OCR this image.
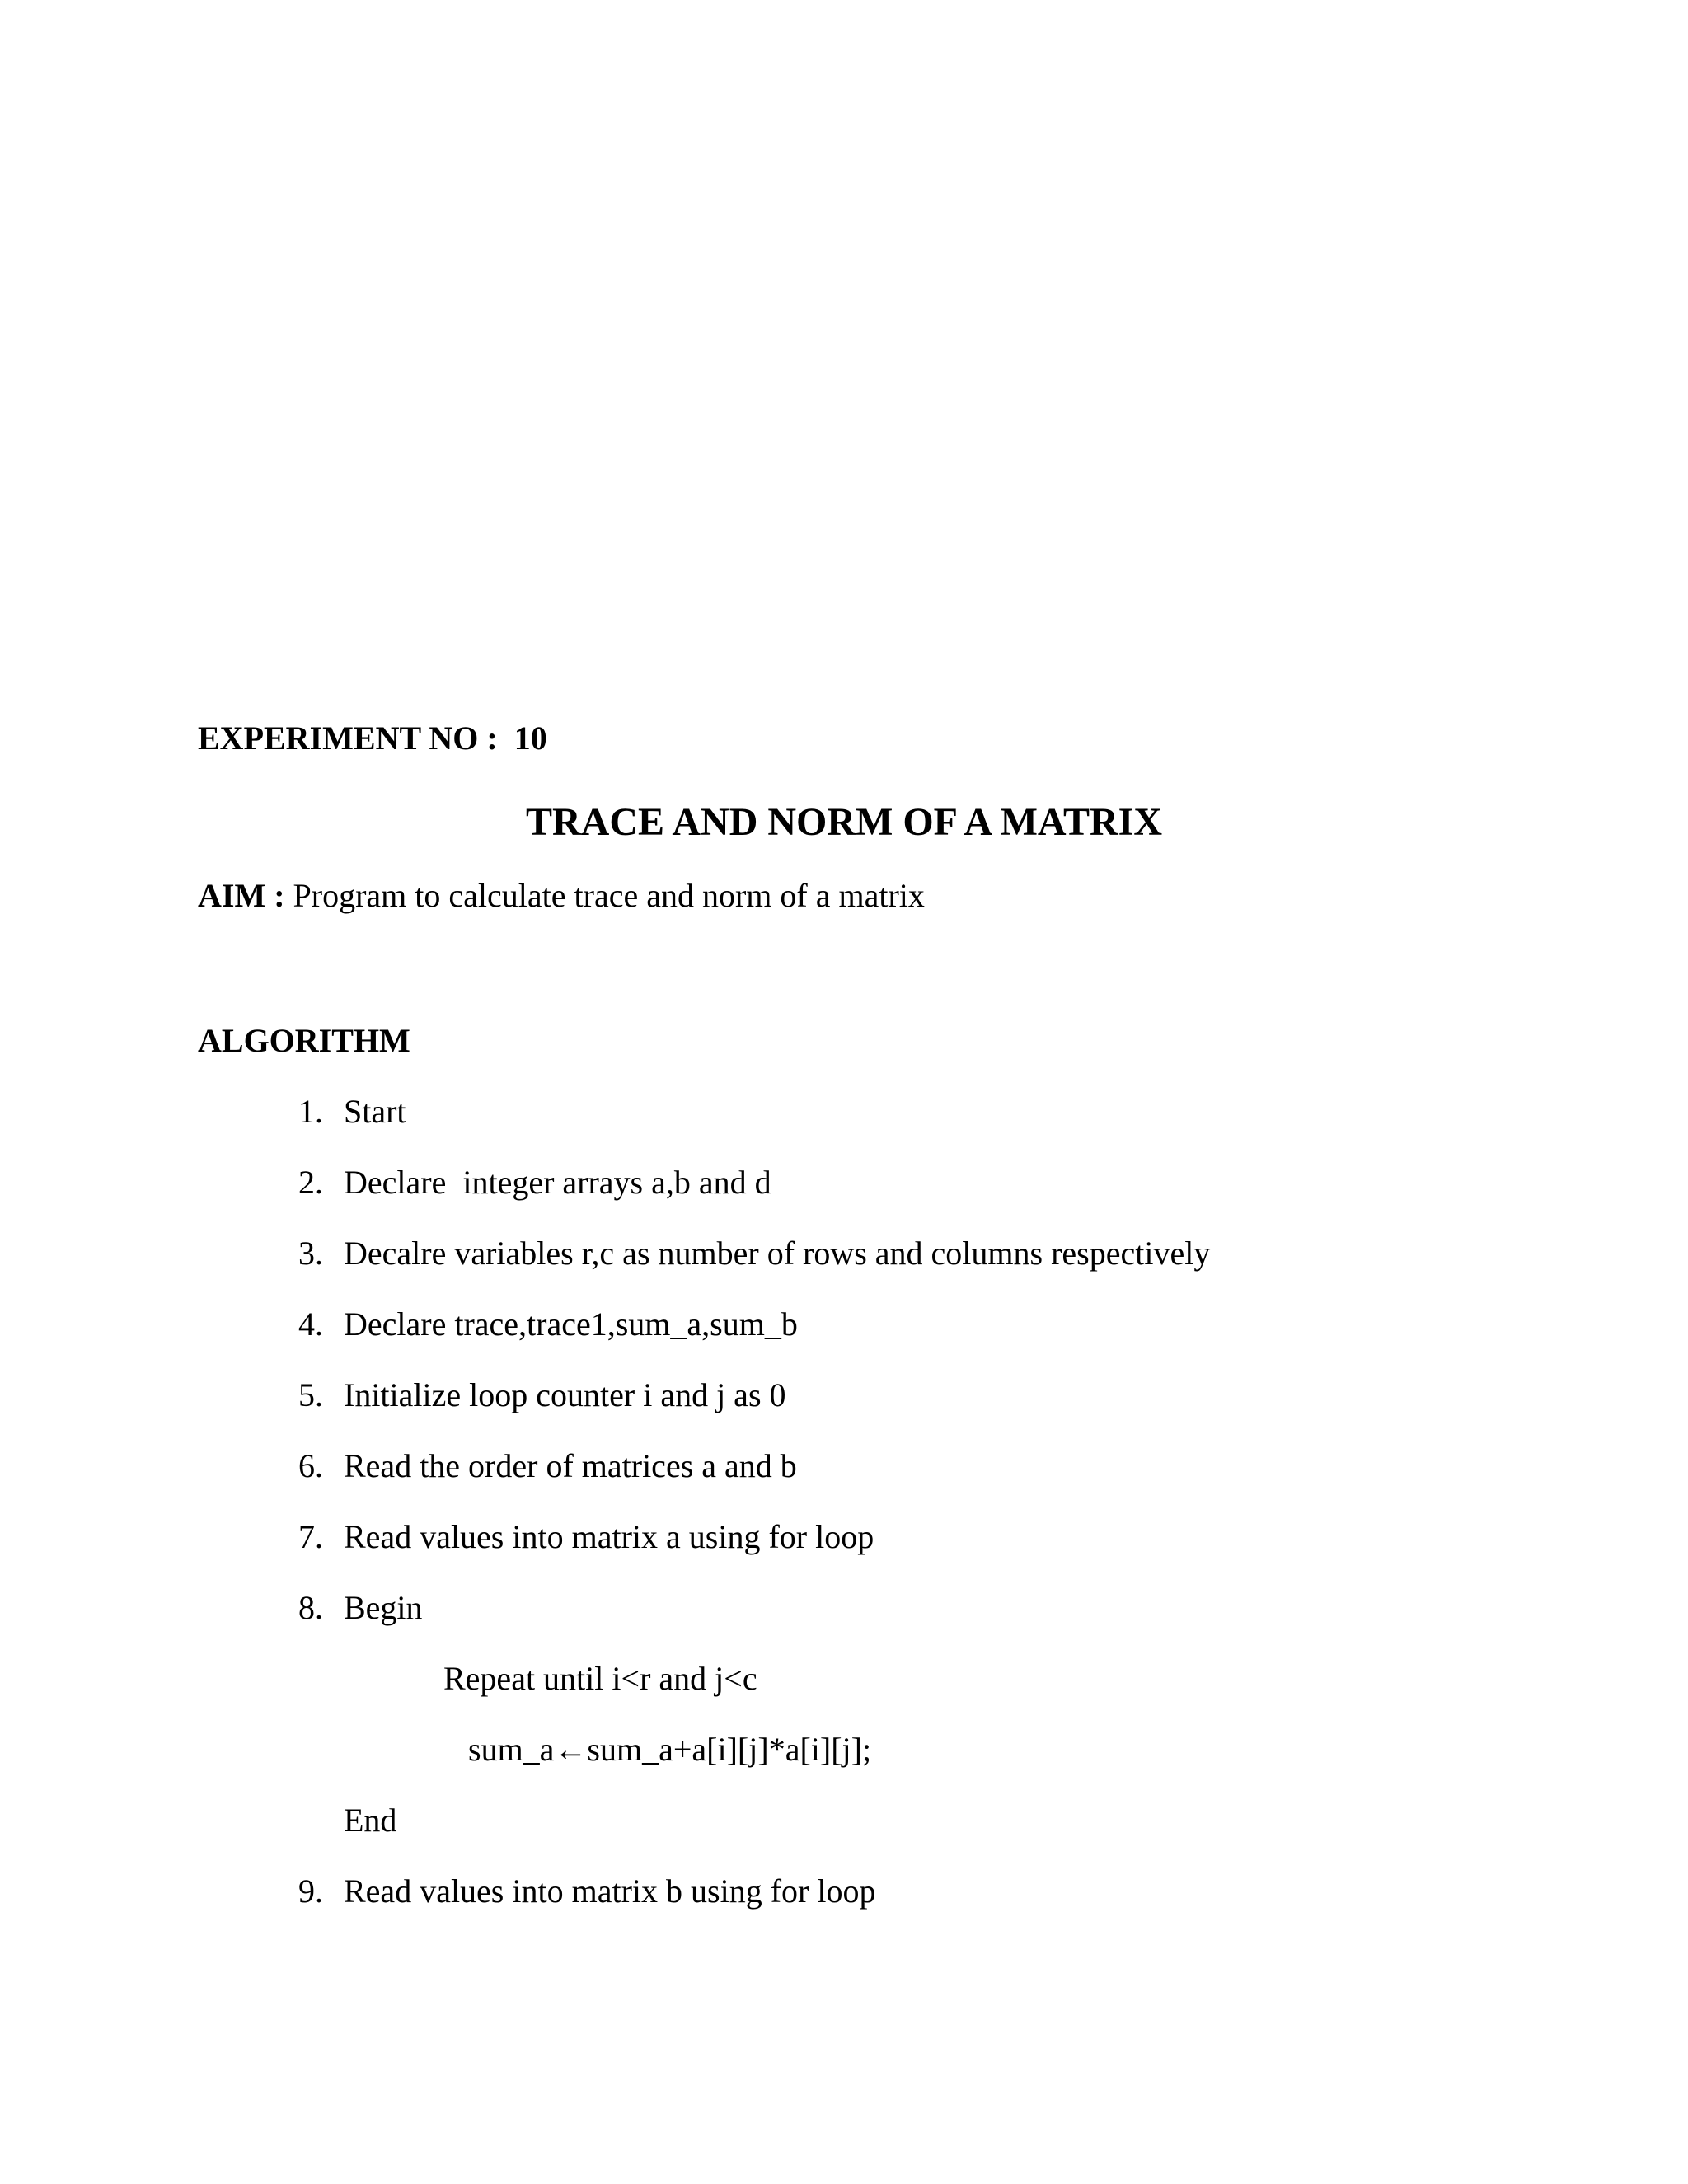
EXPERIMENT NO :  10
TRACE AND NORM OF A MATRIX
AIM : Program to calculate trace and norm of a matrix
ALGORITHM
1. Start
2. Declare  integer arrays a,b and d
3. Decalre variables r,c as number of rows and columns respectively
4. Declare trace,trace1,sum_a,sum_b
5. Initialize loop counter i and j as 0
6. Read the order of matrices a and b
7. Read values into matrix a using for loop
8. Begin
Repeat until i<r and j<c
sum_a←sum_a+a[i][j]*a[i][j];
End
9. Read values into matrix b using for loop
